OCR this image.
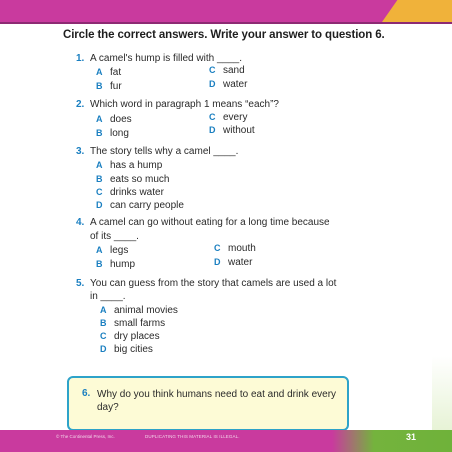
Circle the correct answers. Write your answer to question 6.
1. A camel's hump is filled with ____.
A fat
B fur
C sand
D water
2. Which word in paragraph 1 means “each”?
A does
B long
C every
D without
3. The story tells why a camel ____.
A has a hump
B eats so much
C drinks water
D can carry people
4. A camel can go without eating for a long time because
of its ____.
A legs
B hump
C mouth
D water
5. You can guess from the story that camels are used a lot
in ____.
A animal movies
B small farms
C dry places
D big cities
6. Why do you think humans need to eat and drink every day?
© The Continental Press, Inc.	DUPLICATING THIS MATERIAL IS ILLEGAL.	31
